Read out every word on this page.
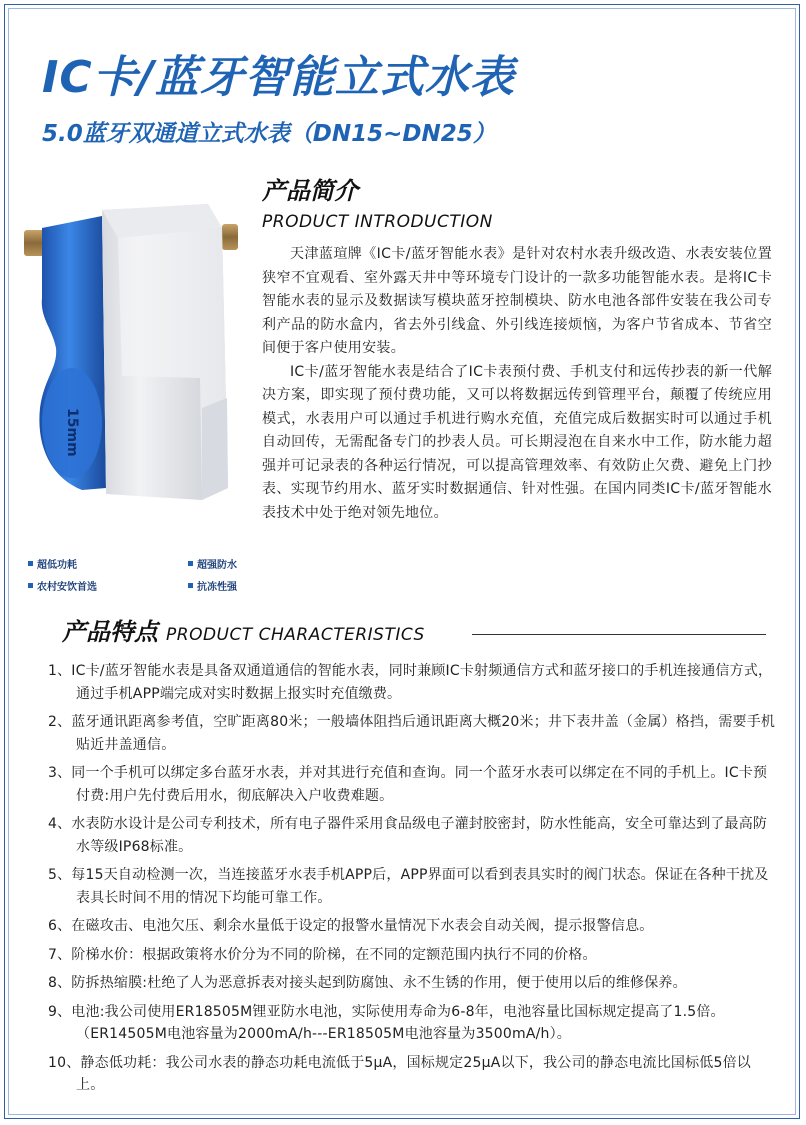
IC卡/蓝牙智能立式水表
5.0蓝牙双通道立式水表（DN15~DN25）
15mm
产品简介
PRODUCT INTRODUCTION

天津蓝瑄牌《IC卡/蓝牙智能水表》是针对农村水表升级改造、水表安装位置狭窄不宜观看、室外露天井中等环境专门设计的一款多功能智能水表。是将IC卡智能水表的显示及数据读写模块蓝牙控制模块、防水电池各部件安装在我公司专利产品的防水盒内，省去外引线盒、外引线连接烦恼，为客户节省成本、节省空间便于客户使用安装。

IC卡/蓝牙智能水表是结合了IC卡表预付费、手机支付和远传抄表的新一代解决方案，即实现了预付费功能，又可以将数据远传到管理平台，颠覆了传统应用模式，水表用户可以通过手机进行购水充值，充值完成后数据实时可以通过手机自动回传，无需配备专门的抄表人员。可长期浸泡在自来水中工作，防水能力超强并可记录表的各种运行情况，可以提高管理效率、有效防止欠费、避免上门抄表、实现节约用水、蓝牙实时数据通信、针对性强。在国内同类IC卡/蓝牙智能水表技术中处于绝对领先地位。

超低功耗	超强防水
农村安饮首选	抗冻性强
产品特点 PRODUCT CHARACTERISTICS
1、IC卡/蓝牙智能水表是具备双通道通信的智能水表，同时兼顾IC卡射频通信方式和蓝牙接口的手机连接通信方式，通过手机APP端完成对实时数据上报实时充值缴费。
2、蓝牙通讯距离参考值，空旷距离80米；一般墙体阻挡后通讯距离大概20米；井下表井盖（金属）格挡，需要手机贴近井盖通信。
3、同一个手机可以绑定多台蓝牙水表，并对其进行充值和查询。同一个蓝牙水表可以绑定在不同的手机上。IC卡预付费:用户先付费后用水，彻底解决入户收费难题。
4、水表防水设计是公司专利技术，所有电子器件采用食品级电子灌封胶密封，防水性能高，安全可靠达到了最高防水等级IP68标准。
5、每15天自动检测一次，当连接蓝牙水表手机APP后，APP界面可以看到表具实时的阀门状态。保证在各种干扰及表具长时间不用的情况下均能可靠工作。
6、在磁攻击、电池欠压、剩余水量低于设定的报警水量情况下水表会自动关阀，提示报警信息。
7、阶梯水价：根据政策将水价分为不同的阶梯，在不同的定额范围内执行不同的价格。
8、防拆热缩膜:杜绝了人为恶意拆表对接头起到防腐蚀、永不生锈的作用，便于使用以后的维修保养。
9、电池:我公司使用ER18505M锂亚防水电池，实际使用寿命为6-8年，电池容量比国标规定提高了1.5倍。（ER14505M电池容量为2000mA/h---ER18505M电池容量为3500mA/h）。
10、静态低功耗：我公司水表的静态功耗电流低于5μA，国标规定25μA以下，我公司的静态电流比国标低5倍以上。
